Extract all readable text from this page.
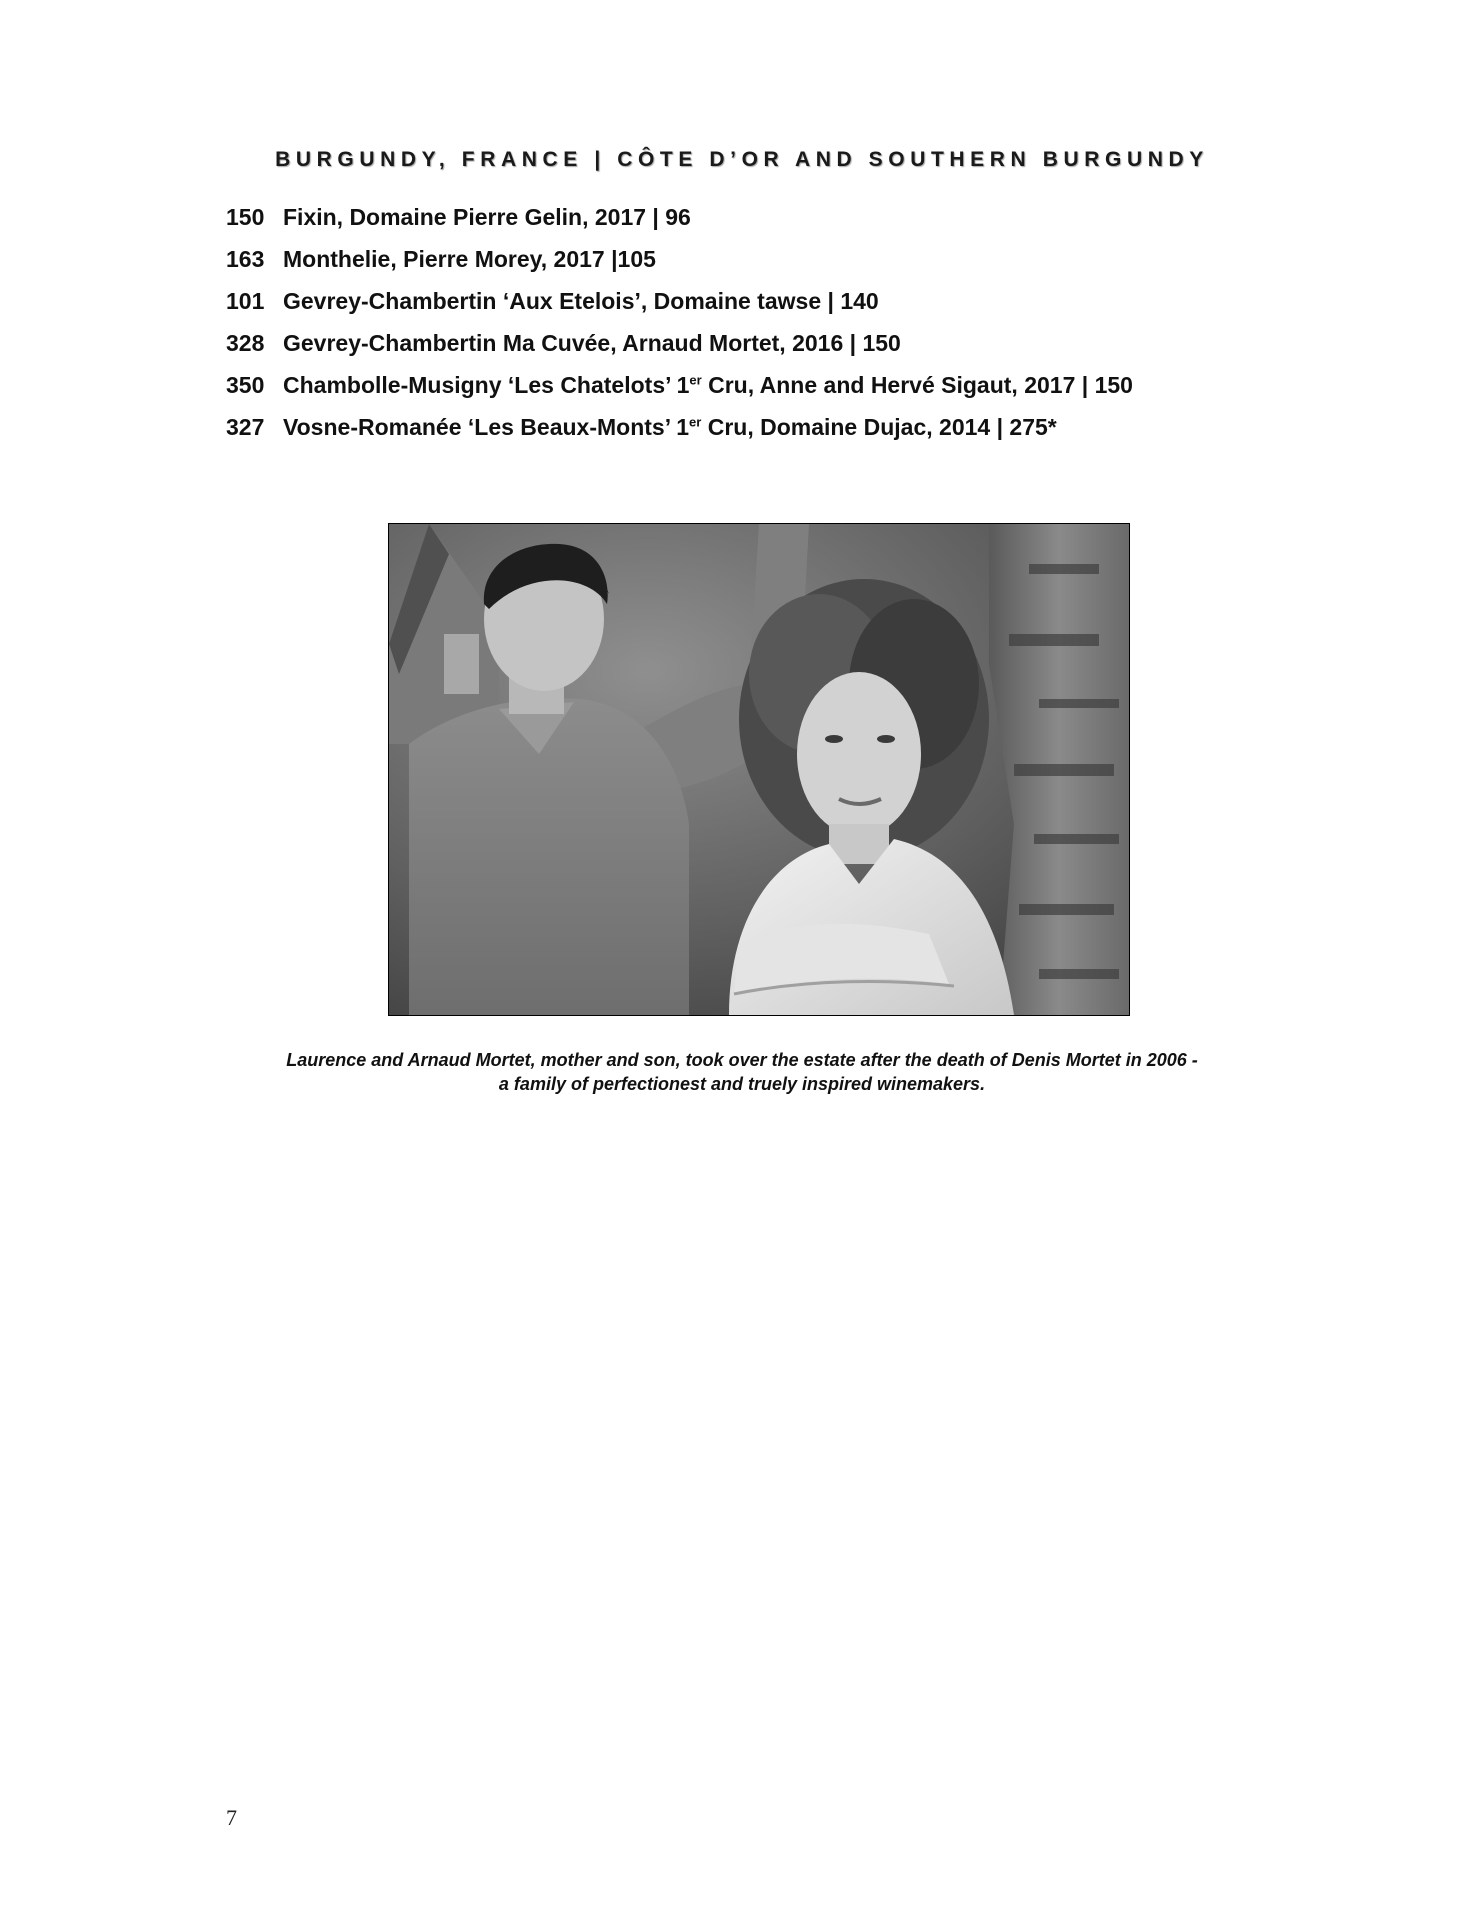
BURGUNDY, FRANCE | CÔTE D’OR AND SOUTHERN BURGUNDY
150 Fixin, Domaine Pierre Gelin, 2017 | 96
163 Monthelie, Pierre Morey, 2017 |105
101 Gevrey-Chambertin ‘Aux Etelois’, Domaine tawse | 140
328 Gevrey-Chambertin Ma Cuvée, Arnaud Mortet, 2016 | 150
350 Chambolle-Musigny ‘Les Chatelots’ 1er Cru, Anne and Hervé Sigaut, 2017 | 150
327 Vosne-Romanée ‘Les Beaux-Monts’ 1er Cru, Domaine Dujac, 2014 | 275*
Laurence and Arnaud Mortet, mother and son, took over the estate after the death of Denis Mortet in 2006 -
a family of perfectionest and truely inspired winemakers.
7
